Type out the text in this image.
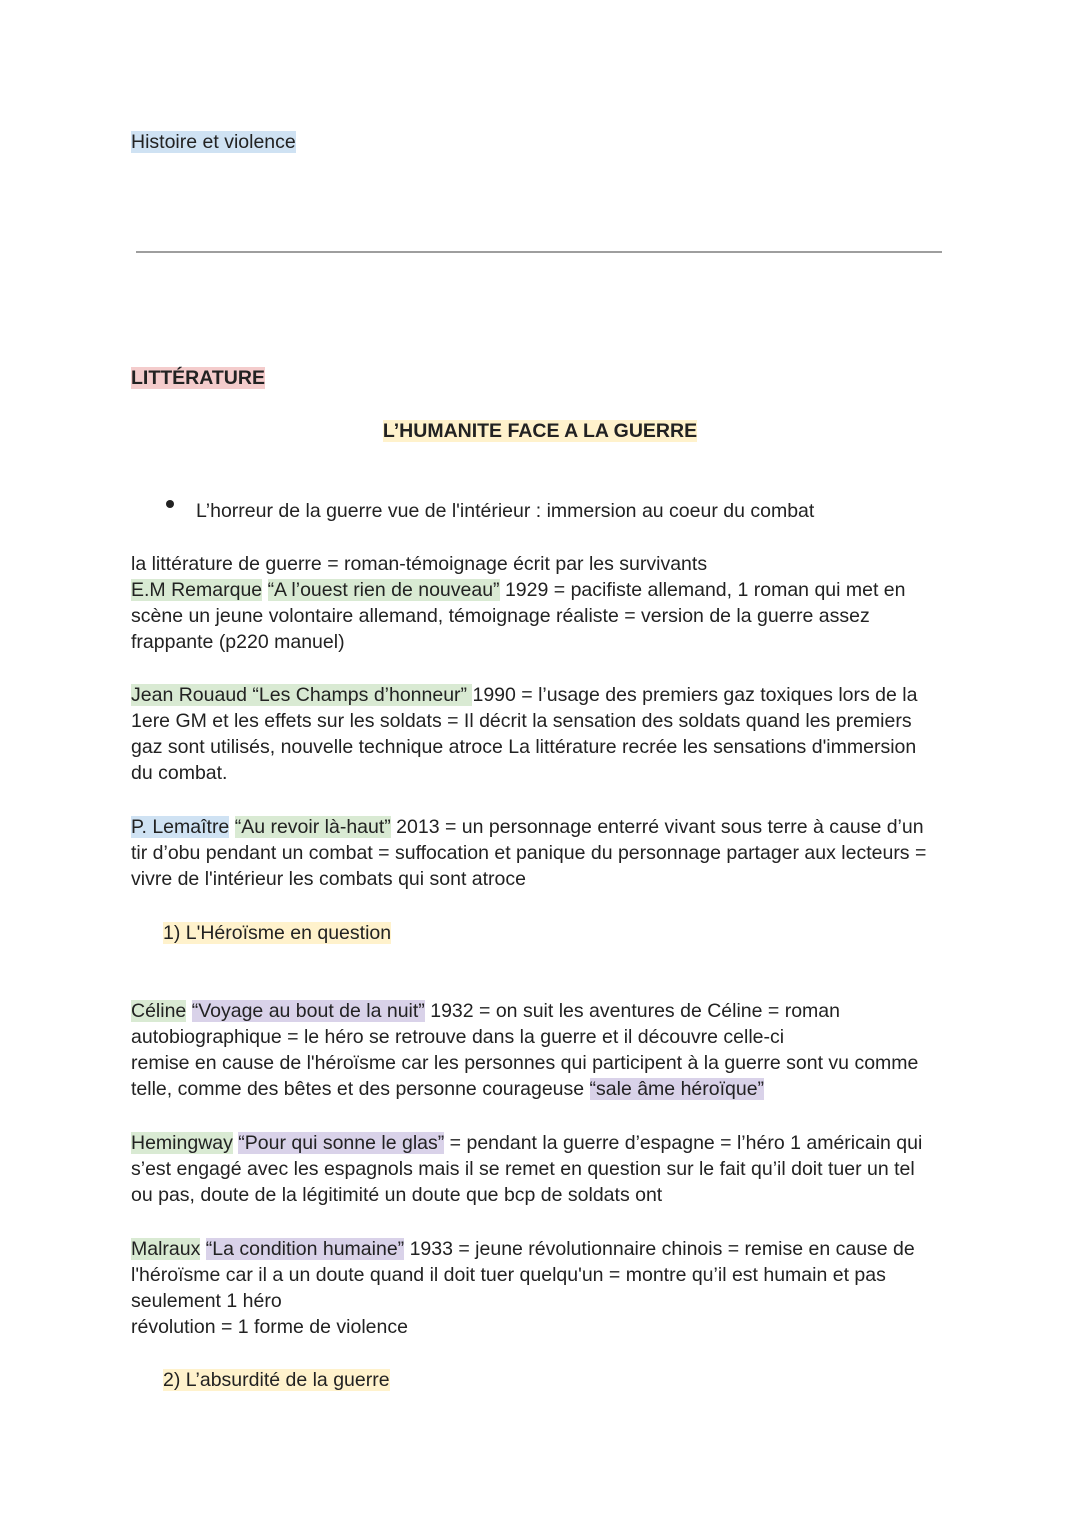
Histoire et violence
LITTÉRATURE
L’HUMANITE FACE A LA GUERRE
L’horreur de la guerre vue de l'intérieur : immersion au coeur du combat
la littérature de guerre = roman-témoignage écrit par les survivants
E.M Remarque “A l’ouest rien de nouveau” 1929 = pacifiste allemand, 1 roman qui met en
scène un jeune volontaire allemand, témoignage réaliste = version de la guerre assez
frappante (p220 manuel)
Jean Rouaud “Les Champs d’honneur” 1990 = l’usage des premiers gaz toxiques lors de la
1ere GM et les effets sur les soldats = Il décrit la sensation des soldats quand les premiers
gaz sont utilisés, nouvelle technique atroce La littérature recrée les sensations d'immersion
du combat.
P. Lemaître “Au revoir là-haut” 2013 = un personnage enterré vivant sous terre à cause d’un
tir d’obu pendant un combat = suffocation et panique du personnage partager aux lecteurs =
vivre de l'intérieur les combats qui sont atroce
1) L'Héroïsme en question
Céline “Voyage au bout de la nuit” 1932 = on suit les aventures de Céline = roman
autobiographique = le héro se retrouve dans la guerre et il découvre celle-ci
remise en cause de l'héroïsme car les personnes qui participent à la guerre sont vu comme
telle, comme des bêtes et des personne courageuse “sale âme héroïque”
Hemingway “Pour qui sonne le glas” = pendant la guerre d’espagne = l’héro 1 américain qui
s’est engagé avec les espagnols mais il se remet en question sur le fait qu’il doit tuer un tel
ou pas, doute de la légitimité un doute que bcp de soldats ont
Malraux “La condition humaine” 1933 = jeune révolutionnaire chinois = remise en cause de
l'héroïsme car il a un doute quand il doit tuer quelqu'un = montre qu’il est humain et pas
seulement 1 héro
révolution = 1 forme de violence
2) L’absurdité de la guerre
